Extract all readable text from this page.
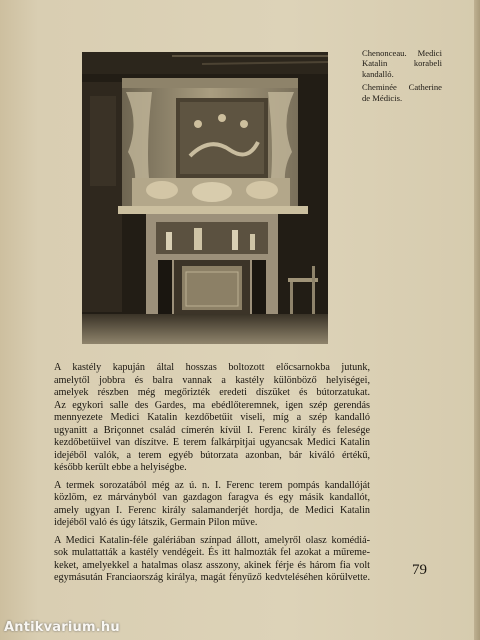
Chenonceau. Medici Katalin korabeli kandalló.

Cheminée Catherine de Médicis.

A kastély kapuján által hosszas boltozott előcsarnokba jutunk,
amelytől jobbra és balra vannak a kastély különböző helyiségei,
amelyek részben még megőrizték eredeti díszüket és bútorzatukat.
Az egykori salle des Gardes, ma ebédlőteremnek, igen szép gerendás
mennyezete Medici Katalin kezdőbetűit viseli, míg a szép kandalló
ugyanitt a Briçonnet család címerén kívül I. Ferenc király és felesége
kezdőbetűivel van díszítve. E terem falkárpitjai ugyancsak Medici Katalin
idejéből valók, a terem egyéb bútorzata azonban, bár kiváló értékű,
később került ebbe a helyiségbe.

A termek sorozatából még az ú. n. I. Ferenc terem pompás kandallóját
közlöm, ez márványból van gazdagon faragva és egy másik kandallót,
amely ugyan I. Ferenc király salamanderjét hordja, de Medici Katalin
idejéből való és úgy látszik, Germain Pilon műve.

A Medici Katalin-féle galériában színpad állott, amelyről olasz komédiá-
sok mulattatták a kastély vendégeit. És itt halmozták fel azokat a műreme-
keket, amelyekkel a hatalmas olasz asszony, akinek férje és három fia volt
egymásután Franciaország királya, magát fényűző kedvteléséhen körülvette.	79
Antikvarium.hu
